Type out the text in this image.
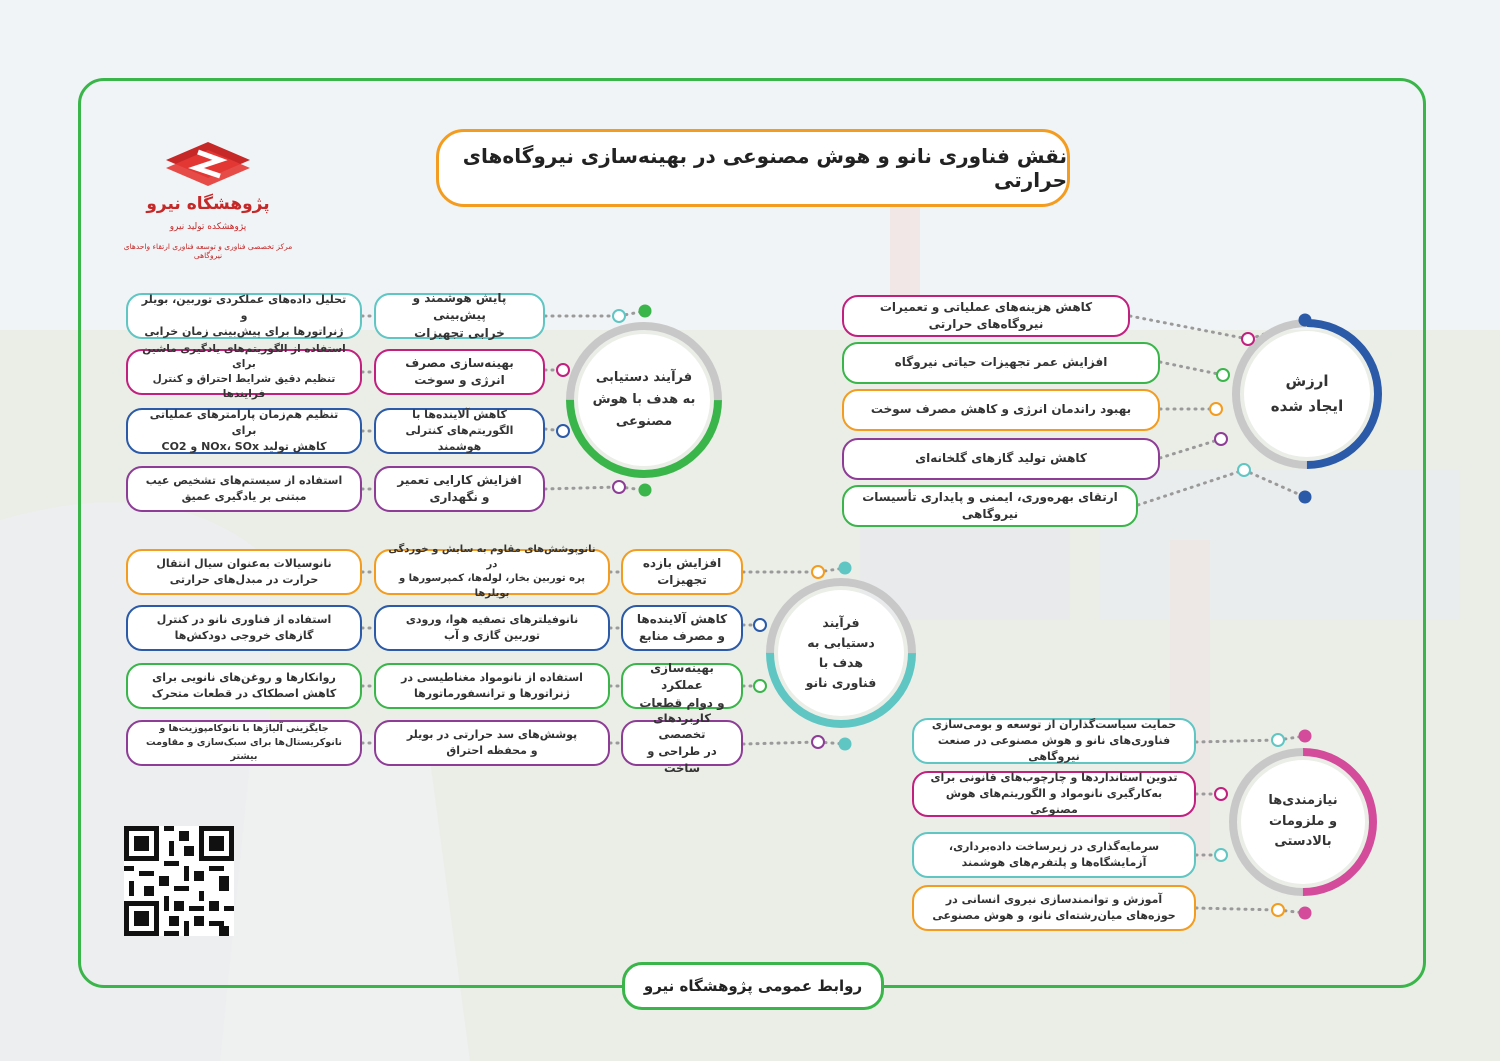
نقش فناوری نانو و هوش مصنوعی در بهینه‌سازی نیروگاه‌های حرارتی
پژوهشگاه نیرو
پژوهشکده تولید نیرو
مرکز تخصصی فناوری و توسعه فناوری ارتقاء واحدهای نیروگاهی
ارزش
ایجاد شده
کاهش هزینه‌های عملیاتی و تعمیرات نیروگاه‌های حرارتی
افزایش عمر تجهیزات حیاتی نیروگاه
بهبود راندمان انرژی و کاهش مصرف سوخت
کاهش تولید گازهای گلخانه‌ای
ارتقای بهره‌وری، ایمنی و پایداری تأسیسات نیروگاهی
فرآیند دستیابی
به هدف با هوش
مصنوعی
پایش هوشمند و پیش‌بینی
خرابی تجهیزات
بهینه‌سازی مصرف
انرژی و سوخت
کاهش آلاینده‌ها با
الگوریتم‌های کنترلی هوشمند
افزایش کارایی تعمیر
و نگهداری
تحلیل داده‌های عملکردی توربین، بویلر و
ژنراتورها برای پیش‌بینی زمان خرابی
استفاده از الگوریتم‌های یادگیری ماشین برای
تنظیم دقیق شرایط احتراق و کنترل فرایندها
تنظیم هم‌زمان پارامترهای عملیاتی برای
کاهش تولید NOx، SOx و CO2
استفاده از سیستم‌های تشخیص عیب
مبتنی بر یادگیری عمیق
فرآیند
دستیابی به
هدف با
فناوری نانو
افزایش بازده
تجهیزات
کاهش آلاینده‌ها
و مصرف منابع
بهینه‌سازی عملکرد
و دوام قطعات
کاربردهای تخصصی
در طراحی و ساخت
نانوپوشش‌های مقاوم به سایش و خوردگی در
پره توربین بخار، لوله‌ها، کمپرسورها و بویلرها
نانوفیلترهای تصفیه هوا، ورودی
توربین گازی و آب
استفاده از نانومواد مغناطیسی در
ژنراتورها و ترانسفورماتورها
پوشش‌های سد حرارتی در بویلر
و محفظه احتراق
نانوسیالات به‌عنوان سیال انتقال
حرارت در مبدل‌های حرارتی
استفاده از فناوری نانو در کنترل
گازهای خروجی دودکش‌ها
روانکارها و روغن‌های نانویی برای
کاهش اصطکاک در قطعات متحرک
جایگزینی آلیاژها با نانوکامپوزیت‌ها و
نانوکریستال‌ها برای سبک‌سازی و مقاومت بیشتر
نیازمندی‌ها
و ملزومات
بالادستی
حمایت سیاست‌گذاران از توسعه و بومی‌سازی
فناوری‌های نانو و هوش مصنوعی در صنعت نیروگاهی
تدوین استانداردها و چارچوب‌های قانونی برای
به‌کارگیری نانومواد و الگوریتم‌های هوش مصنوعی
سرمایه‌گذاری در زیرساخت داده‌برداری،
آزمایشگاه‌ها و پلتفرم‌های هوشمند
آموزش و توانمندسازی نیروی انسانی در
حوزه‌های میان‌رشته‌ای نانو، و هوش مصنوعی
روابط عمومی پژوهشگاه نیرو
